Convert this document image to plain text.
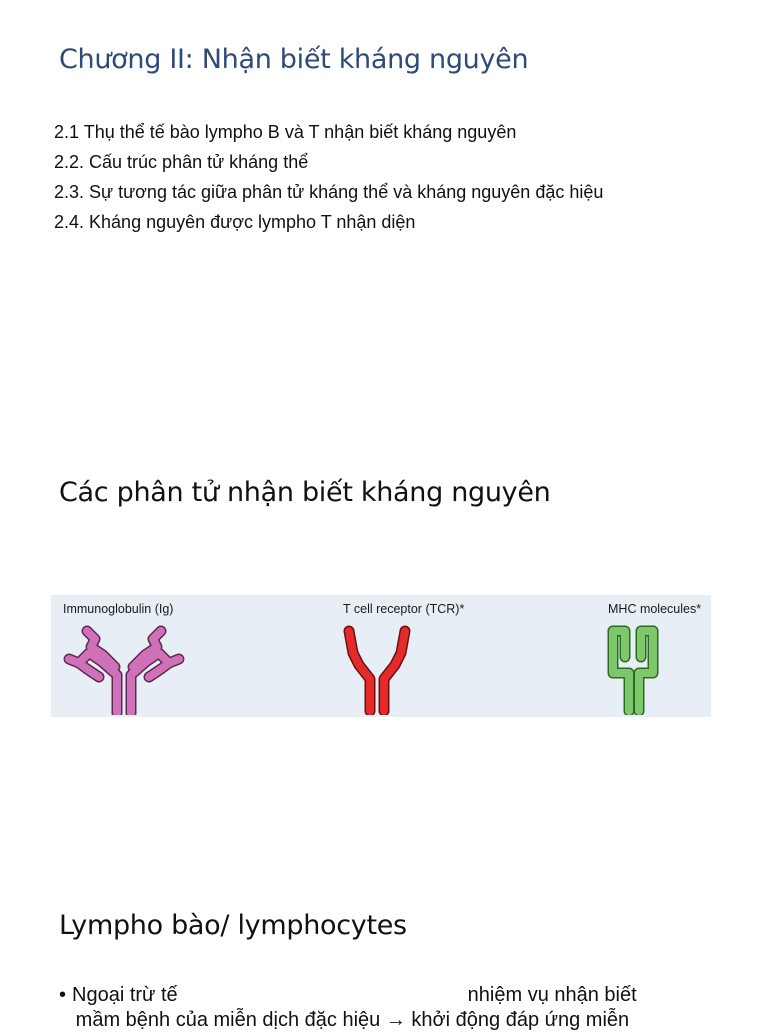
Chương II: Nhận biết kháng nguyên
2.1 Thụ thể tế bào lympho B và T nhận biết kháng nguyên
2.2. Cấu trúc phân tử kháng thể
2.3. Sự tương tác giữa phân tử kháng thể và kháng nguyên đặc hiệu
2.4. Kháng nguyên được lympho T nhận diện
Các phân tử nhận biết kháng nguyên
Immunoglobulin (Ig)	T cell receptor (TCR)*	MHC molecules*
Lympho bào/ lymphocytes

• Ngoại trừ tế	nhiệm vụ nhận biết
mầm bệnh của miễn dịch đặc hiệu → khởi động đáp ứng miễn
